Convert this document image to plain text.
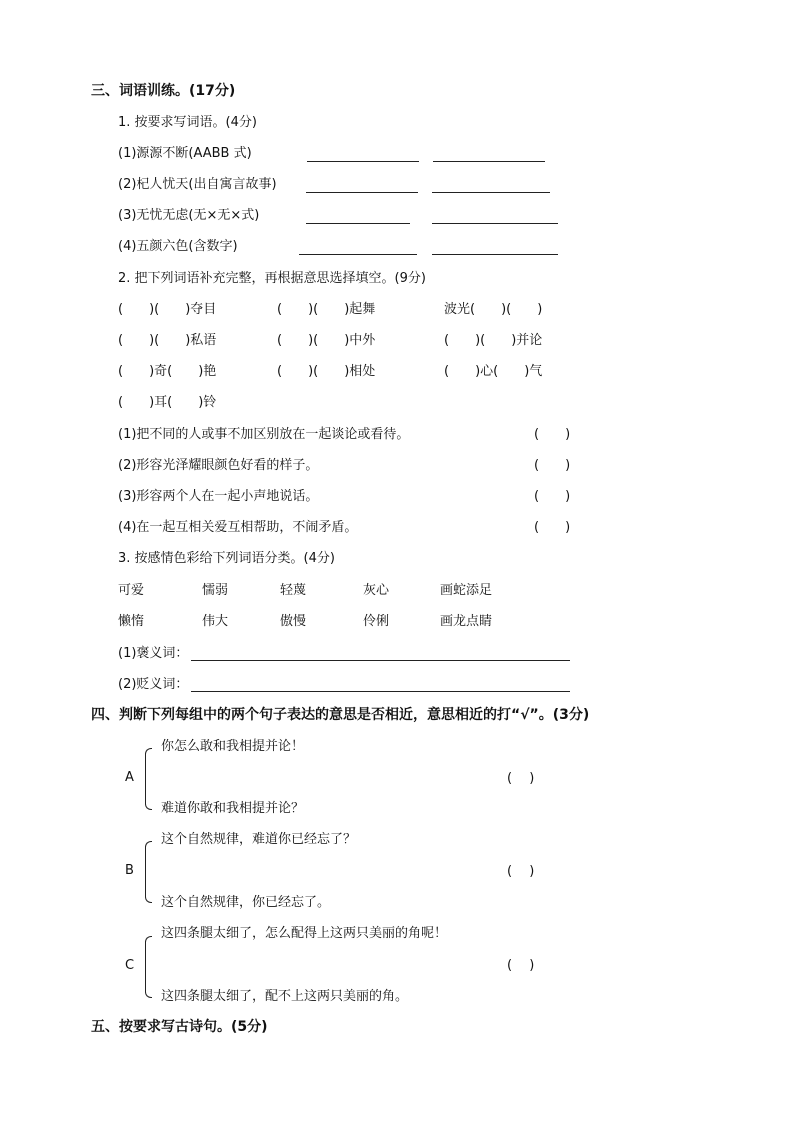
三、词语训练。(17分)
1. 按要求写词语。(4分)
(1)源源不断(AABB 式)
(2)杞人忧天(出自寓言故事)
(3)无忧无虑(无×无×式)
(4)五颜六色(含数字)
2. 把下列词语补充完整，再根据意思选择填空。(9分)
(　　)(　　)夺目	(　　)(　　)起舞	波光(　　)(　　)
(　　)(　　)私语	(　　)(　　)中外	(　　)(　　)并论
(　　)奇(　　)艳	(　　)(　　)相处	(　　)心(　　)气
(　　)耳(　　)铃
(1)把不同的人或事不加区别放在一起谈论或看待。	(　　)
(2)形容光泽耀眼颜色好看的样子。	(　　)
(3)形容两个人在一起小声地说话。	(　　)
(4)在一起互相关爱互相帮助，不闹矛盾。	(　　)
3. 按感情色彩给下列词语分类。(4分)
可爱	懦弱	轻蔑	灰心	画蛇添足
懒惰	伟大	傲慢	伶俐	画龙点睛
(1)褒义词：
(2)贬义词：
四、判断下列每组中的两个句子表达的意思是否相近，意思相近的打“√”。(3分)
A
你怎么敢和我相提并论！
难道你敢和我相提并论？
(　 )
B
这个自然规律，难道你已经忘了？
这个自然规律，你已经忘了。
(　 )
C
这四条腿太细了，怎么配得上这两只美丽的角呢！
这四条腿太细了，配不上这两只美丽的角。
(　 )
五、按要求写古诗句。(5分)
